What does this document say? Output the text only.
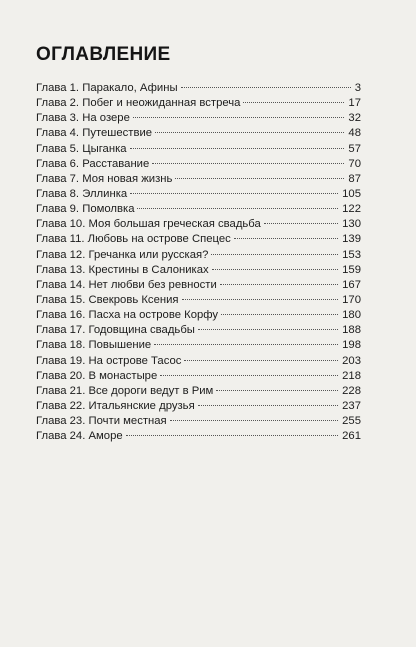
ОГЛАВЛЕНИЕ
Глава 1. Паракало, Афины	3
Глава 2. Побег и неожиданная встреча	17
Глава 3. На озере	32
Глава 4. Путешествие	48
Глава 5. Цыганка	57
Глава 6. Расставание	70
Глава 7. Моя новая жизнь	87
Глава 8. Эллинка	105
Глава 9. Помолвка	122
Глава 10. Моя большая греческая свадьба	130
Глава 11. Любовь на острове Спецес	139
Глава 12. Гречанка или русская?	153
Глава 13. Крестины в Салониках	159
Глава 14. Нет любви без ревности	167
Глава 15. Свекровь Ксения	170
Глава 16. Пасха на острове Корфу	180
Глава 17. Годовщина свадьбы	188
Глава 18. Повышение	198
Глава 19. На острове Тасос	203
Глава 20. В монастыре	218
Глава 21. Все дороги ведут в Рим	228
Глава 22. Итальянские друзья	237
Глава 23. Почти местная	255
Глава 24. Аморе	261
